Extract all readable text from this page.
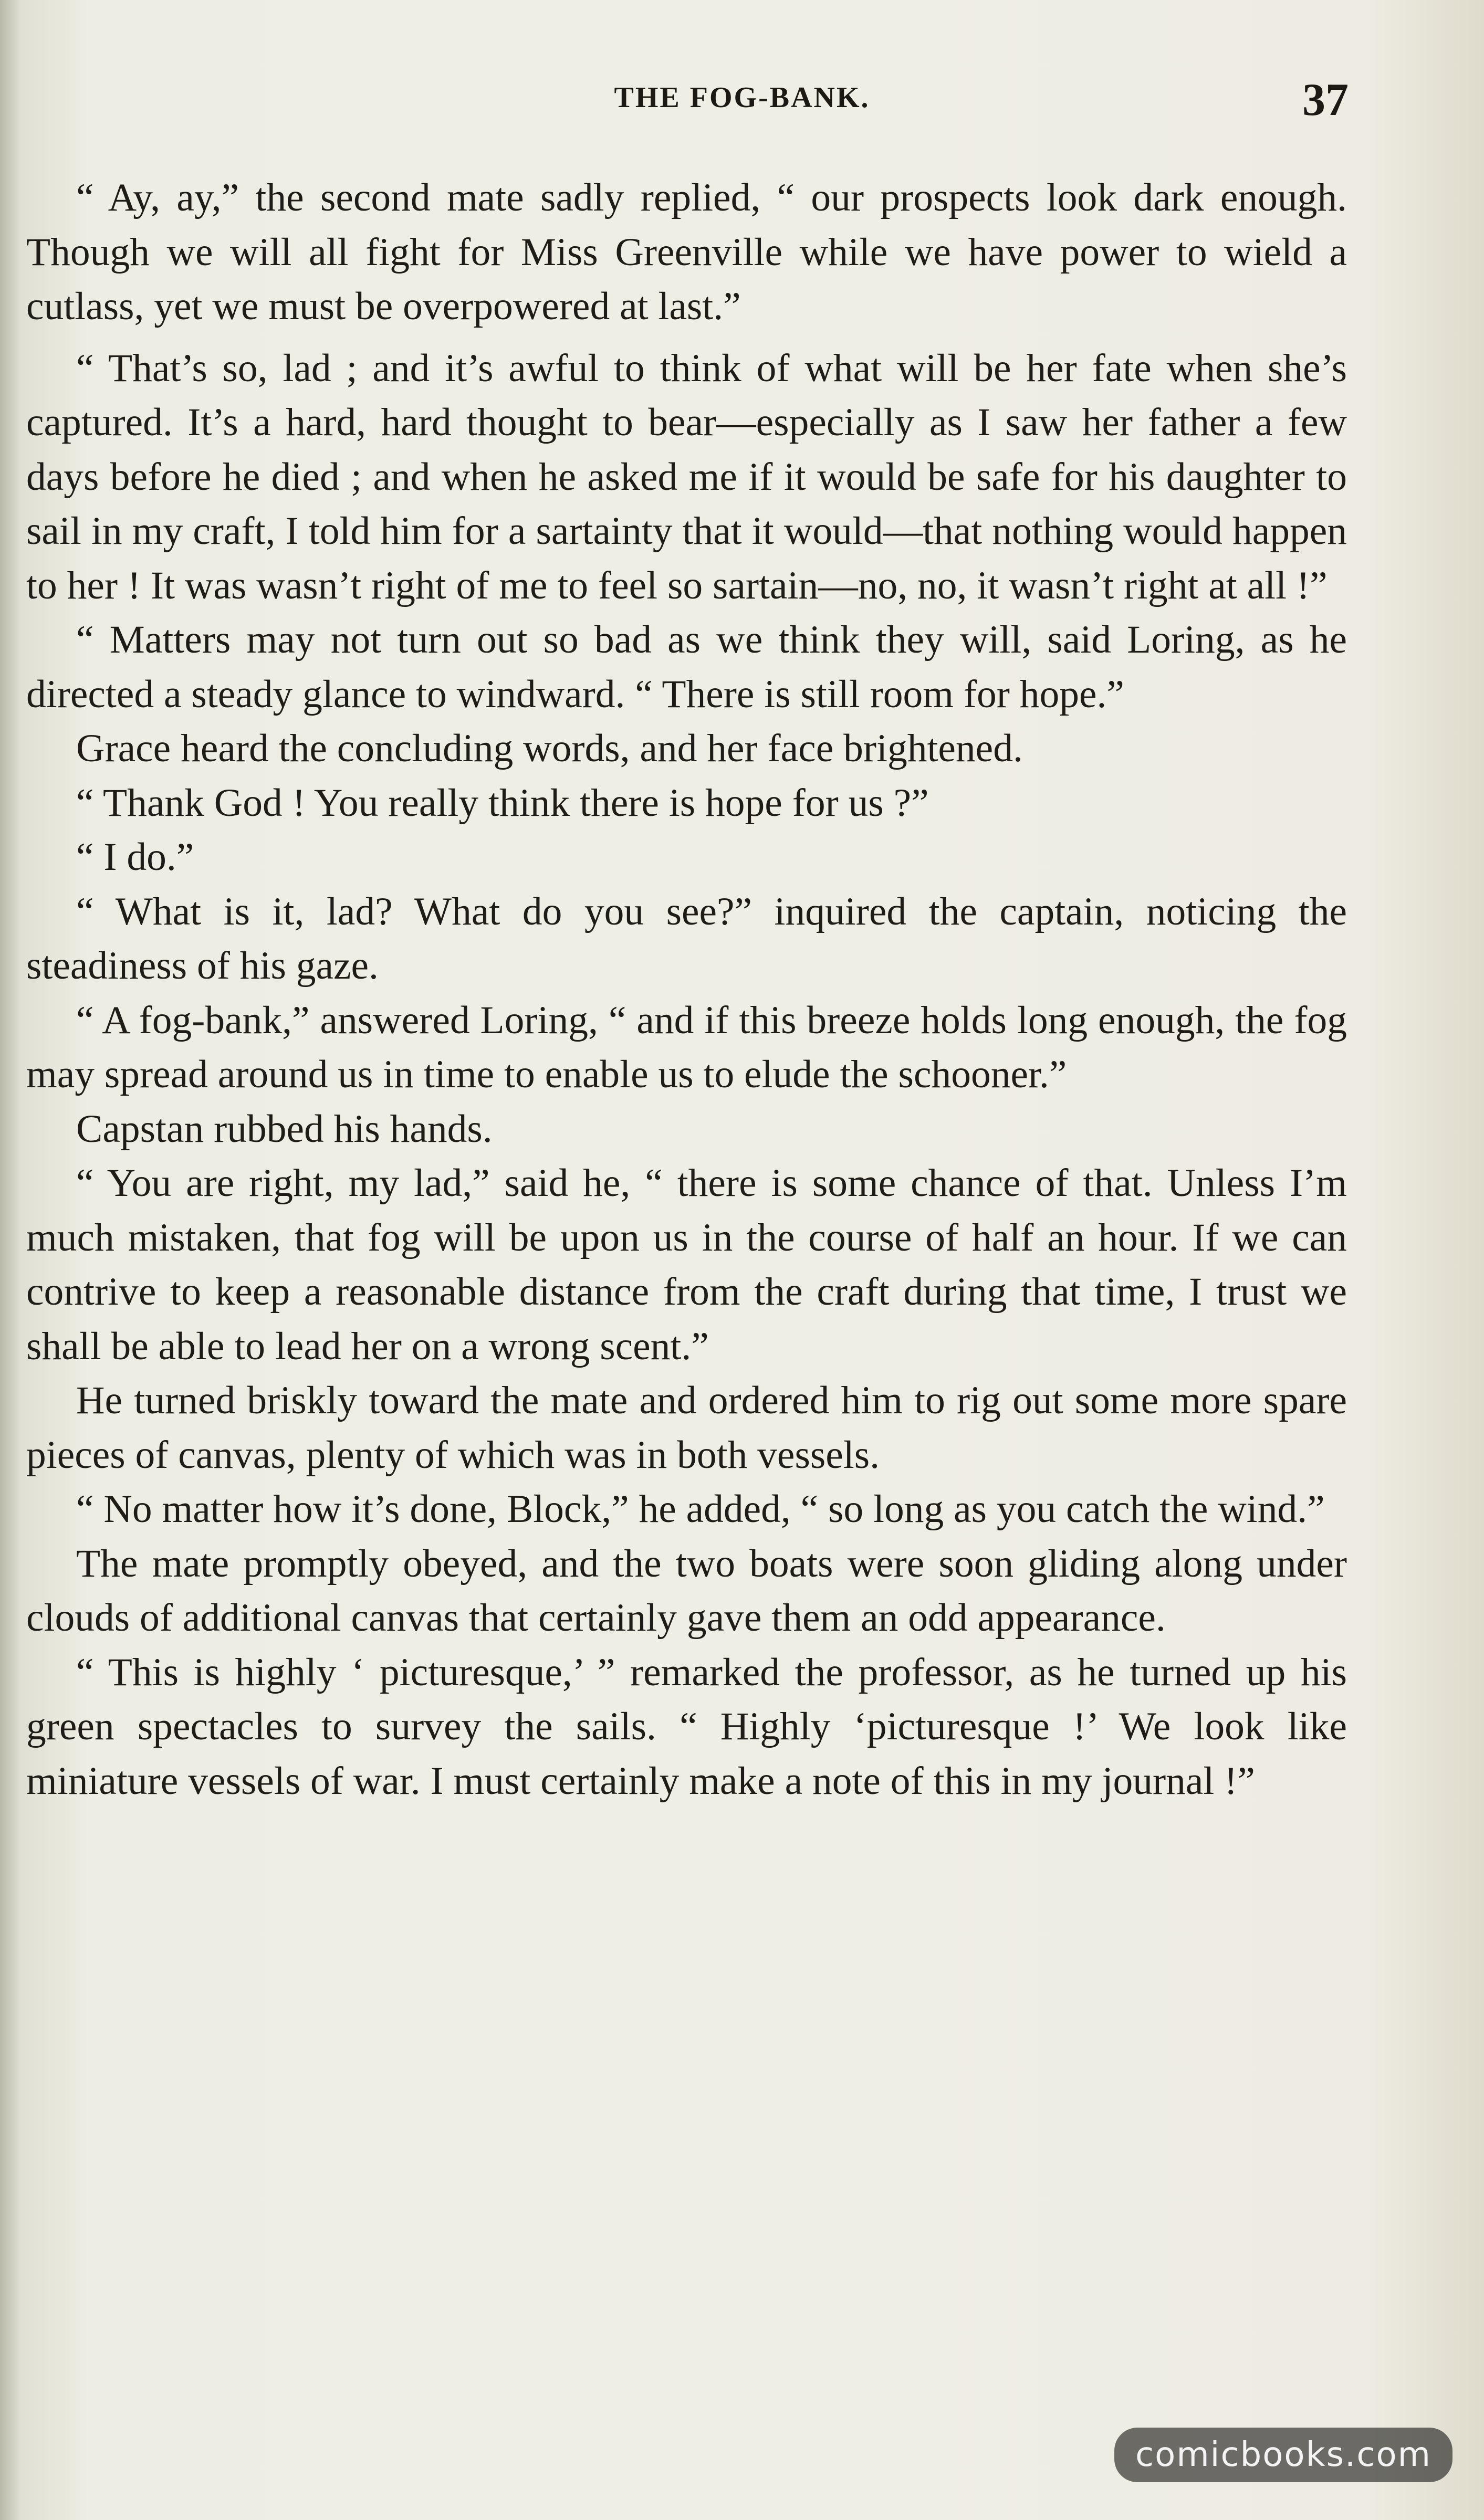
THE FOG-BANK.	37

“ Ay, ay,” the second mate sadly replied, “ our prospects look dark enough. Though we will all fight for Miss Greenville while we have power to wield a cutlass, yet we must be overpowered at last.”

“ That’s so, lad ; and it’s awful to think of what will be her fate when she’s captured. It’s a hard, hard thought to bear—especially as I saw her father a few days before he died ; and when he asked me if it would be safe for his daughter to sail in my craft, I told him for a sartainty that it would—that nothing would happen to her ! It was wasn’t right of me to feel so sartain—no, no, it wasn’t right at all !”

“ Matters may not turn out so bad as we think they will, said Loring, as he directed a steady glance to windward. “ There is still room for hope.”

Grace heard the concluding words, and her face brightened.

“ Thank God ! You really think there is hope for us ?”

“ I do.”

“ What is it, lad? What do you see?” inquired the captain, noticing the steadiness of his gaze.

“ A fog-bank,” answered Loring, “ and if this breeze holds long enough, the fog may spread around us in time to enable us to elude the schooner.”

Capstan rubbed his hands.

“ You are right, my lad,” said he, “ there is some chance of that. Unless I’m much mistaken, that fog will be upon us in the course of half an hour. If we can contrive to keep a reasonable distance from the craft during that time, I trust we shall be able to lead her on a wrong scent.”

He turned briskly toward the mate and ordered him to rig out some more spare pieces of canvas, plenty of which was in both vessels.

“ No matter how it’s done, Block,” he added, “ so long as you catch the wind.”

The mate promptly obeyed, and the two boats were soon gliding along under clouds of additional canvas that certainly gave them an odd appearance.

“ This is highly ‘ picturesque,’ ” remarked the professor, as he turned up his green spectacles to survey the sails. “ Highly ‘picturesque !’ We look like miniature vessels of war. I must certainly make a note of this in my journal !”

comicbooks.com
